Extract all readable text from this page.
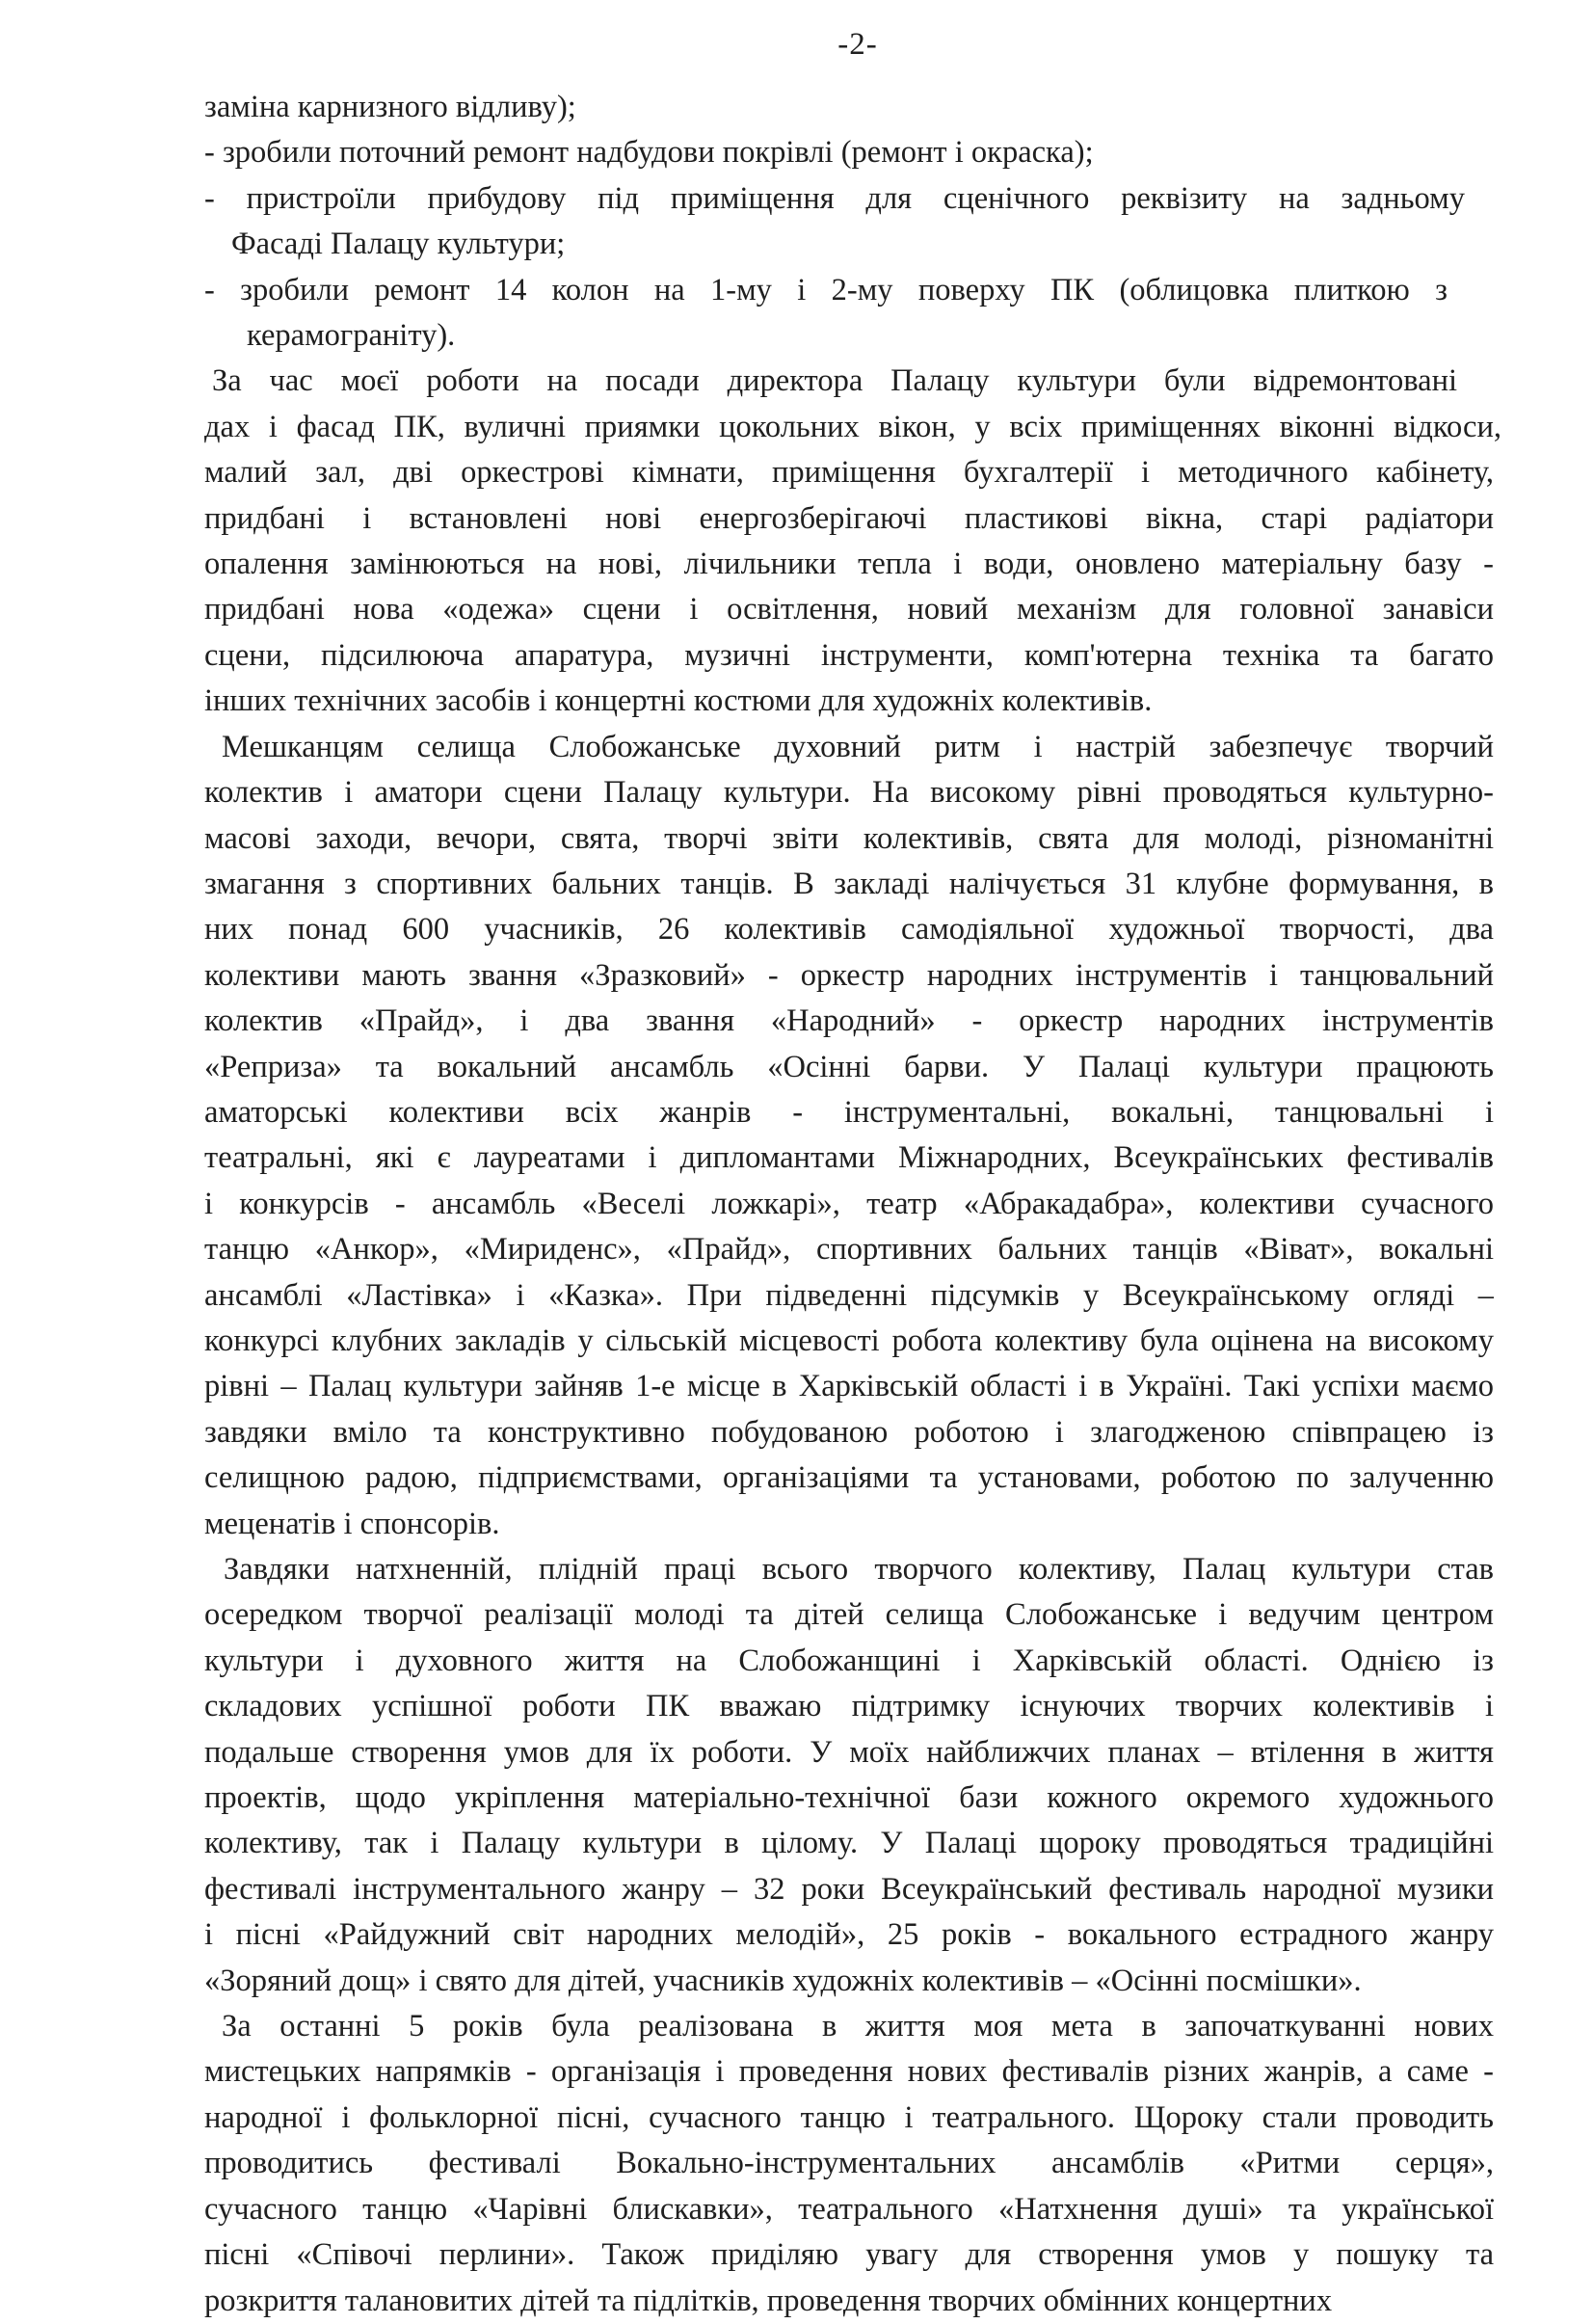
-2-
заміна карнизного відливу);
- зробили поточний ремонт надбудови покрівлі (ремонт і окраска);
- пристроїли прибудову під приміщення для сценічного реквізиту на задньому
Фасаді Палацу культури;
- зробили ремонт 14 колон на 1-му і 2-му поверху ПК (облицовка плиткою з
керамограніту).
За час моєї роботи на посади директора Палацу культури були відремонтовані
дах і фасад ПК, вуличні приямки цокольних вікон, у всіх приміщеннях віконні відкоси,
малий зал, дві оркестрові кімнати, приміщення бухгалтерії і методичного кабінету,
придбані і встановлені нові енергозберігаючі пластикові вікна, старі радіатори
опалення замінюються на нові, лічильники тепла і води, оновлено матеріальну базу -
придбані нова «одежа» сцени і освітлення, новий механізм для головної занавіси
сцени, підсилююча апаратура, музичні інструменти, комп'ютерна техніка та багато
інших технічних засобів і концертні костюми для художніх колективів.
Мешканцям селища Слобожанське духовний ритм і настрій забезпечує творчий
колектив і аматори сцени Палацу культури. На високому рівні проводяться культурно-
масові заходи, вечори, свята, творчі звіти колективів, свята для молоді, різноманітні
змагання з спортивних бальних танців. В закладі налічується 31 клубне формування, в
них понад 600 учасників, 26 колективів самодіяльної художньої творчості, два
колективи мають звання «Зразковий» - оркестр народних інструментів і танцювальний
колектив «Прайд», і два звання «Народний» - оркестр народних інструментів
«Реприза» та вокальний ансамбль «Осінні барви. У Палаці культури працюють
аматорські колективи всіх жанрів - інструментальні, вокальні, танцювальні і
театральні, які є лауреатами і дипломантами Міжнародних, Всеукраїнських фестивалів
і конкурсів - ансамбль «Веселі ложкарі», театр «Абракадабра», колективи сучасного
танцю «Анкор», «Мириденс», «Прайд», спортивних бальних танців «Віват», вокальні
ансамблі «Ластівка» і «Казка». При підведенні підсумків у Всеукраїнському огляді –
конкурсі клубних закладів у сільській місцевості робота колективу була оцінена на високому
рівні – Палац культури зайняв 1-е місце в Харківській області і в Україні. Такі успіхи маємо
завдяки вміло та конструктивно побудованою роботою і злагодженою співпрацею із
селищною радою, підприємствами, організаціями та установами, роботою по залученню
меценатів і спонсорів.
Завдяки натхненній, плідній праці всього творчого колективу, Палац культури став
осередком творчої реалізації молоді та дітей селища Слобожанське і ведучим центром
культури і духовного життя на Слобожанщині і Харківській області. Однією із
складових успішної роботи ПК вважаю підтримку існуючих творчих колективів і
подальше створення умов для їх роботи. У моїх найближчих планах – втілення в життя
проектів, щодо укріплення матеріально-технічної бази кожного окремого художнього
колективу, так і Палацу культури в цілому. У Палаці щороку проводяться традиційні
фестивалі інструментального жанру – 32 роки Всеукраїнський фестиваль народної музики
і пісні «Райдужний світ народних мелодій», 25 років - вокального естрадного жанру
«Зоряний дощ» і свято для дітей, учасників художніх колективів – «Осінні посмішки».
За останні 5 років була реалізована в життя моя мета в започаткуванні нових
мистецьких напрямків - організація і проведення нових фестивалів різних жанрів, а саме -
народної і фольклорної пісні, сучасного танцю і театрального. Щороку стали проводить
проводитись фестивалі Вокально-інструментальних ансамблів «Ритми серця»,
сучасного танцю «Чарівні блискавки», театрального «Натхнення душі» та української
пісні «Співочі перлини». Також приділяю увагу для створення умов у пошуку та
розкриття талановитих дітей та підлітків, проведення творчих обмінних концертних
